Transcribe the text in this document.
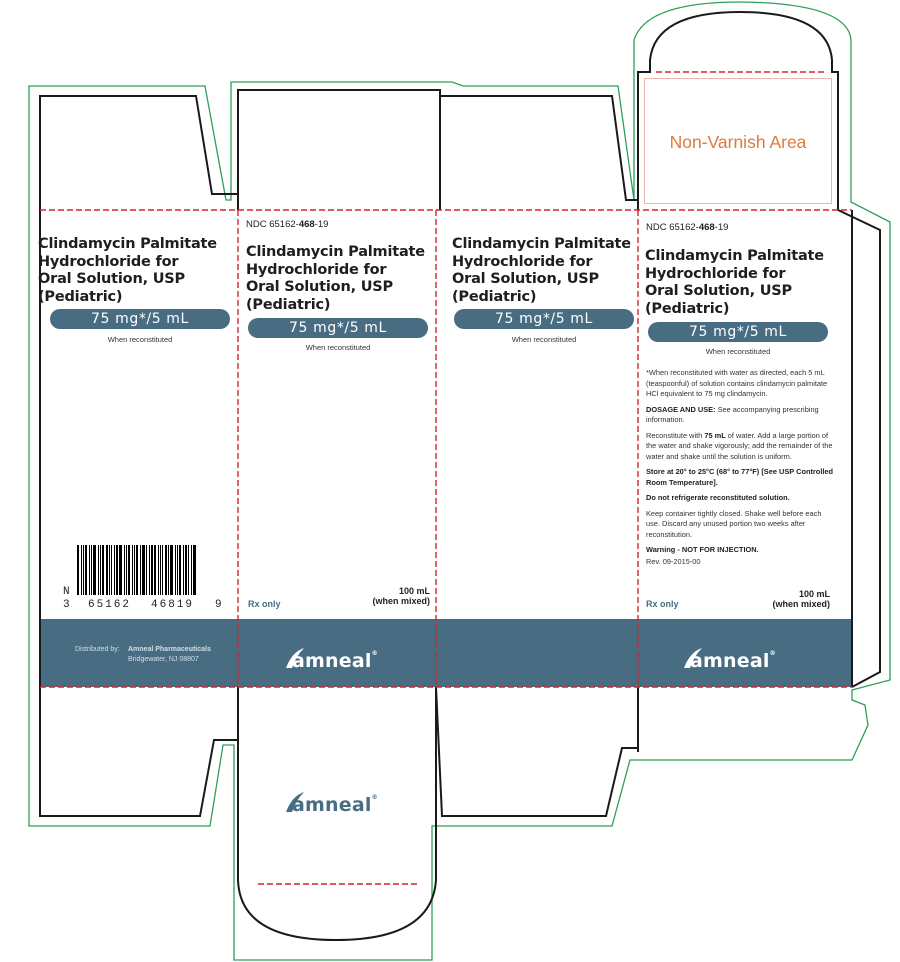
Non-Varnish Area
Clindamycin Palmitate
Hydrochloride for
Oral Solution, USP
(Pediatric)
75 mg*/5 mL
When reconstituted
N
3 65162 46819 9
Distributed by: Amneal Pharmaceuticals
Bridgewater, NJ 08807
NDC 65162-468-19
Clindamycin Palmitate
Hydrochloride for
Oral Solution, USP
(Pediatric)
75 mg*/5 mL
When reconstituted
Rx only
100 mL
(when mixed)
amneal®
Clindamycin Palmitate
Hydrochloride for
Oral Solution, USP
(Pediatric)
75 mg*/5 mL
When reconstituted
NDC 65162-468-19
Clindamycin Palmitate
Hydrochloride for
Oral Solution, USP
(Pediatric)
75 mg*/5 mL
When reconstituted

*When reconstituted with water as directed, each 5 mL (teaspoonful) of solution contains clindamycin palmitate HCl equivalent to 75 mg clindamycin.

DOSAGE AND USE: See accompanying prescribing information.

Reconstitute with 75 mL of water. Add a large portion of the water and shake vigorously; add the remainder of the water and shake until the solution is uniform.

Store at 20° to 25°C (68° to 77°F) [See USP Controlled Room Temperature].

Do not refrigerate reconstituted solution.

Keep container tightly closed. Shake well before each use. Discard any unused portion two weeks after reconstitution.

Warning - NOT FOR INJECTION.

Rev. 09-2015-00

Rx only
100 mL
(when mixed)
amneal®
amneal®
